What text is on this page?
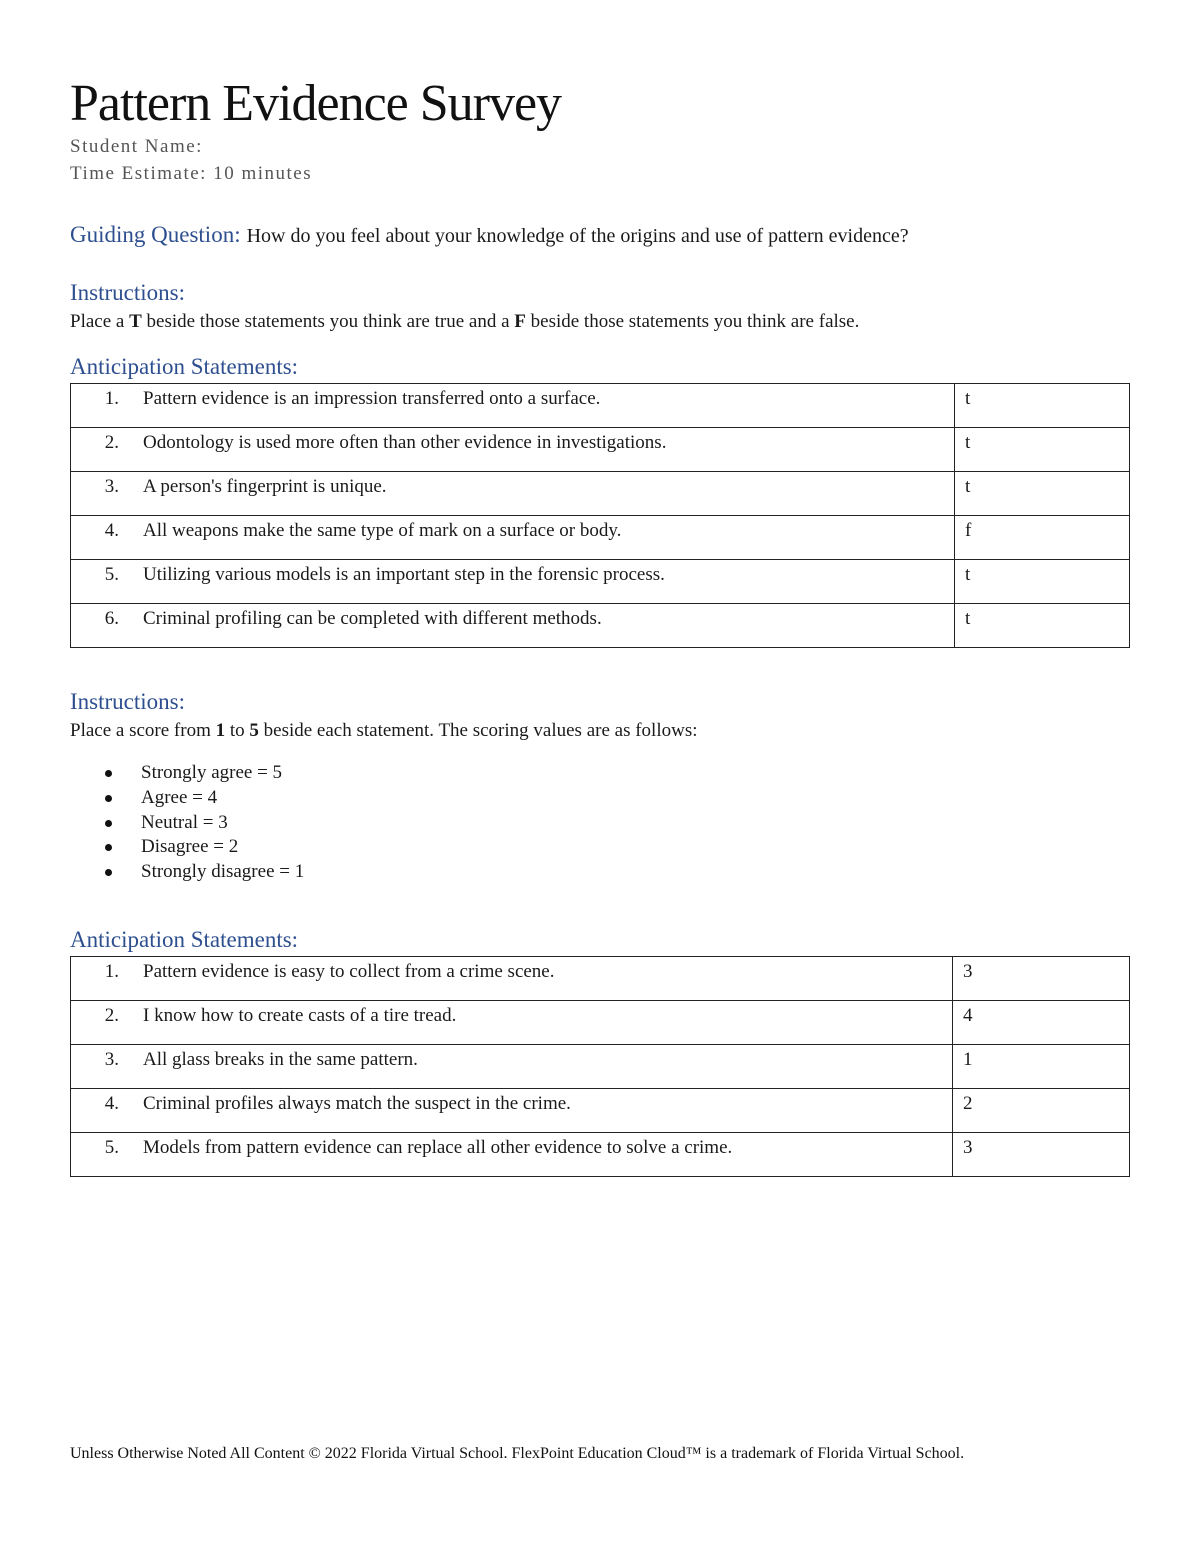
Pattern Evidence Survey
Student Name:
Time Estimate: 10 minutes
Guiding Question: How do you feel about your knowledge of the origins and use of pattern evidence?
Instructions:
Place a T beside those statements you think are true and a F beside those statements you think are false.
Anticipation Statements:
1. Pattern evidence is an impression transferred onto a surface.	t
2. Odontology is used more often than other evidence in investigations.	t
3. A person's fingerprint is unique.	t
4. All weapons make the same type of mark on a surface or body.	f
5. Utilizing various models is an important step in the forensic process.	t
6. Criminal profiling can be completed with different methods.	t
Instructions:
Place a score from 1 to 5 beside each statement. The scoring values are as follows:
Strongly agree = 5
Agree = 4
Neutral = 3
Disagree = 2
Strongly disagree = 1
Anticipation Statements:
1. Pattern evidence is easy to collect from a crime scene.	3
2. I know how to create casts of a tire tread.	4
3. All glass breaks in the same pattern.	1
4. Criminal profiles always match the suspect in the crime.	2
5. Models from pattern evidence can replace all other evidence to solve a crime.	3
Unless Otherwise Noted All Content © 2022 Florida Virtual School. FlexPoint Education Cloud™ is a trademark of Florida Virtual School.
